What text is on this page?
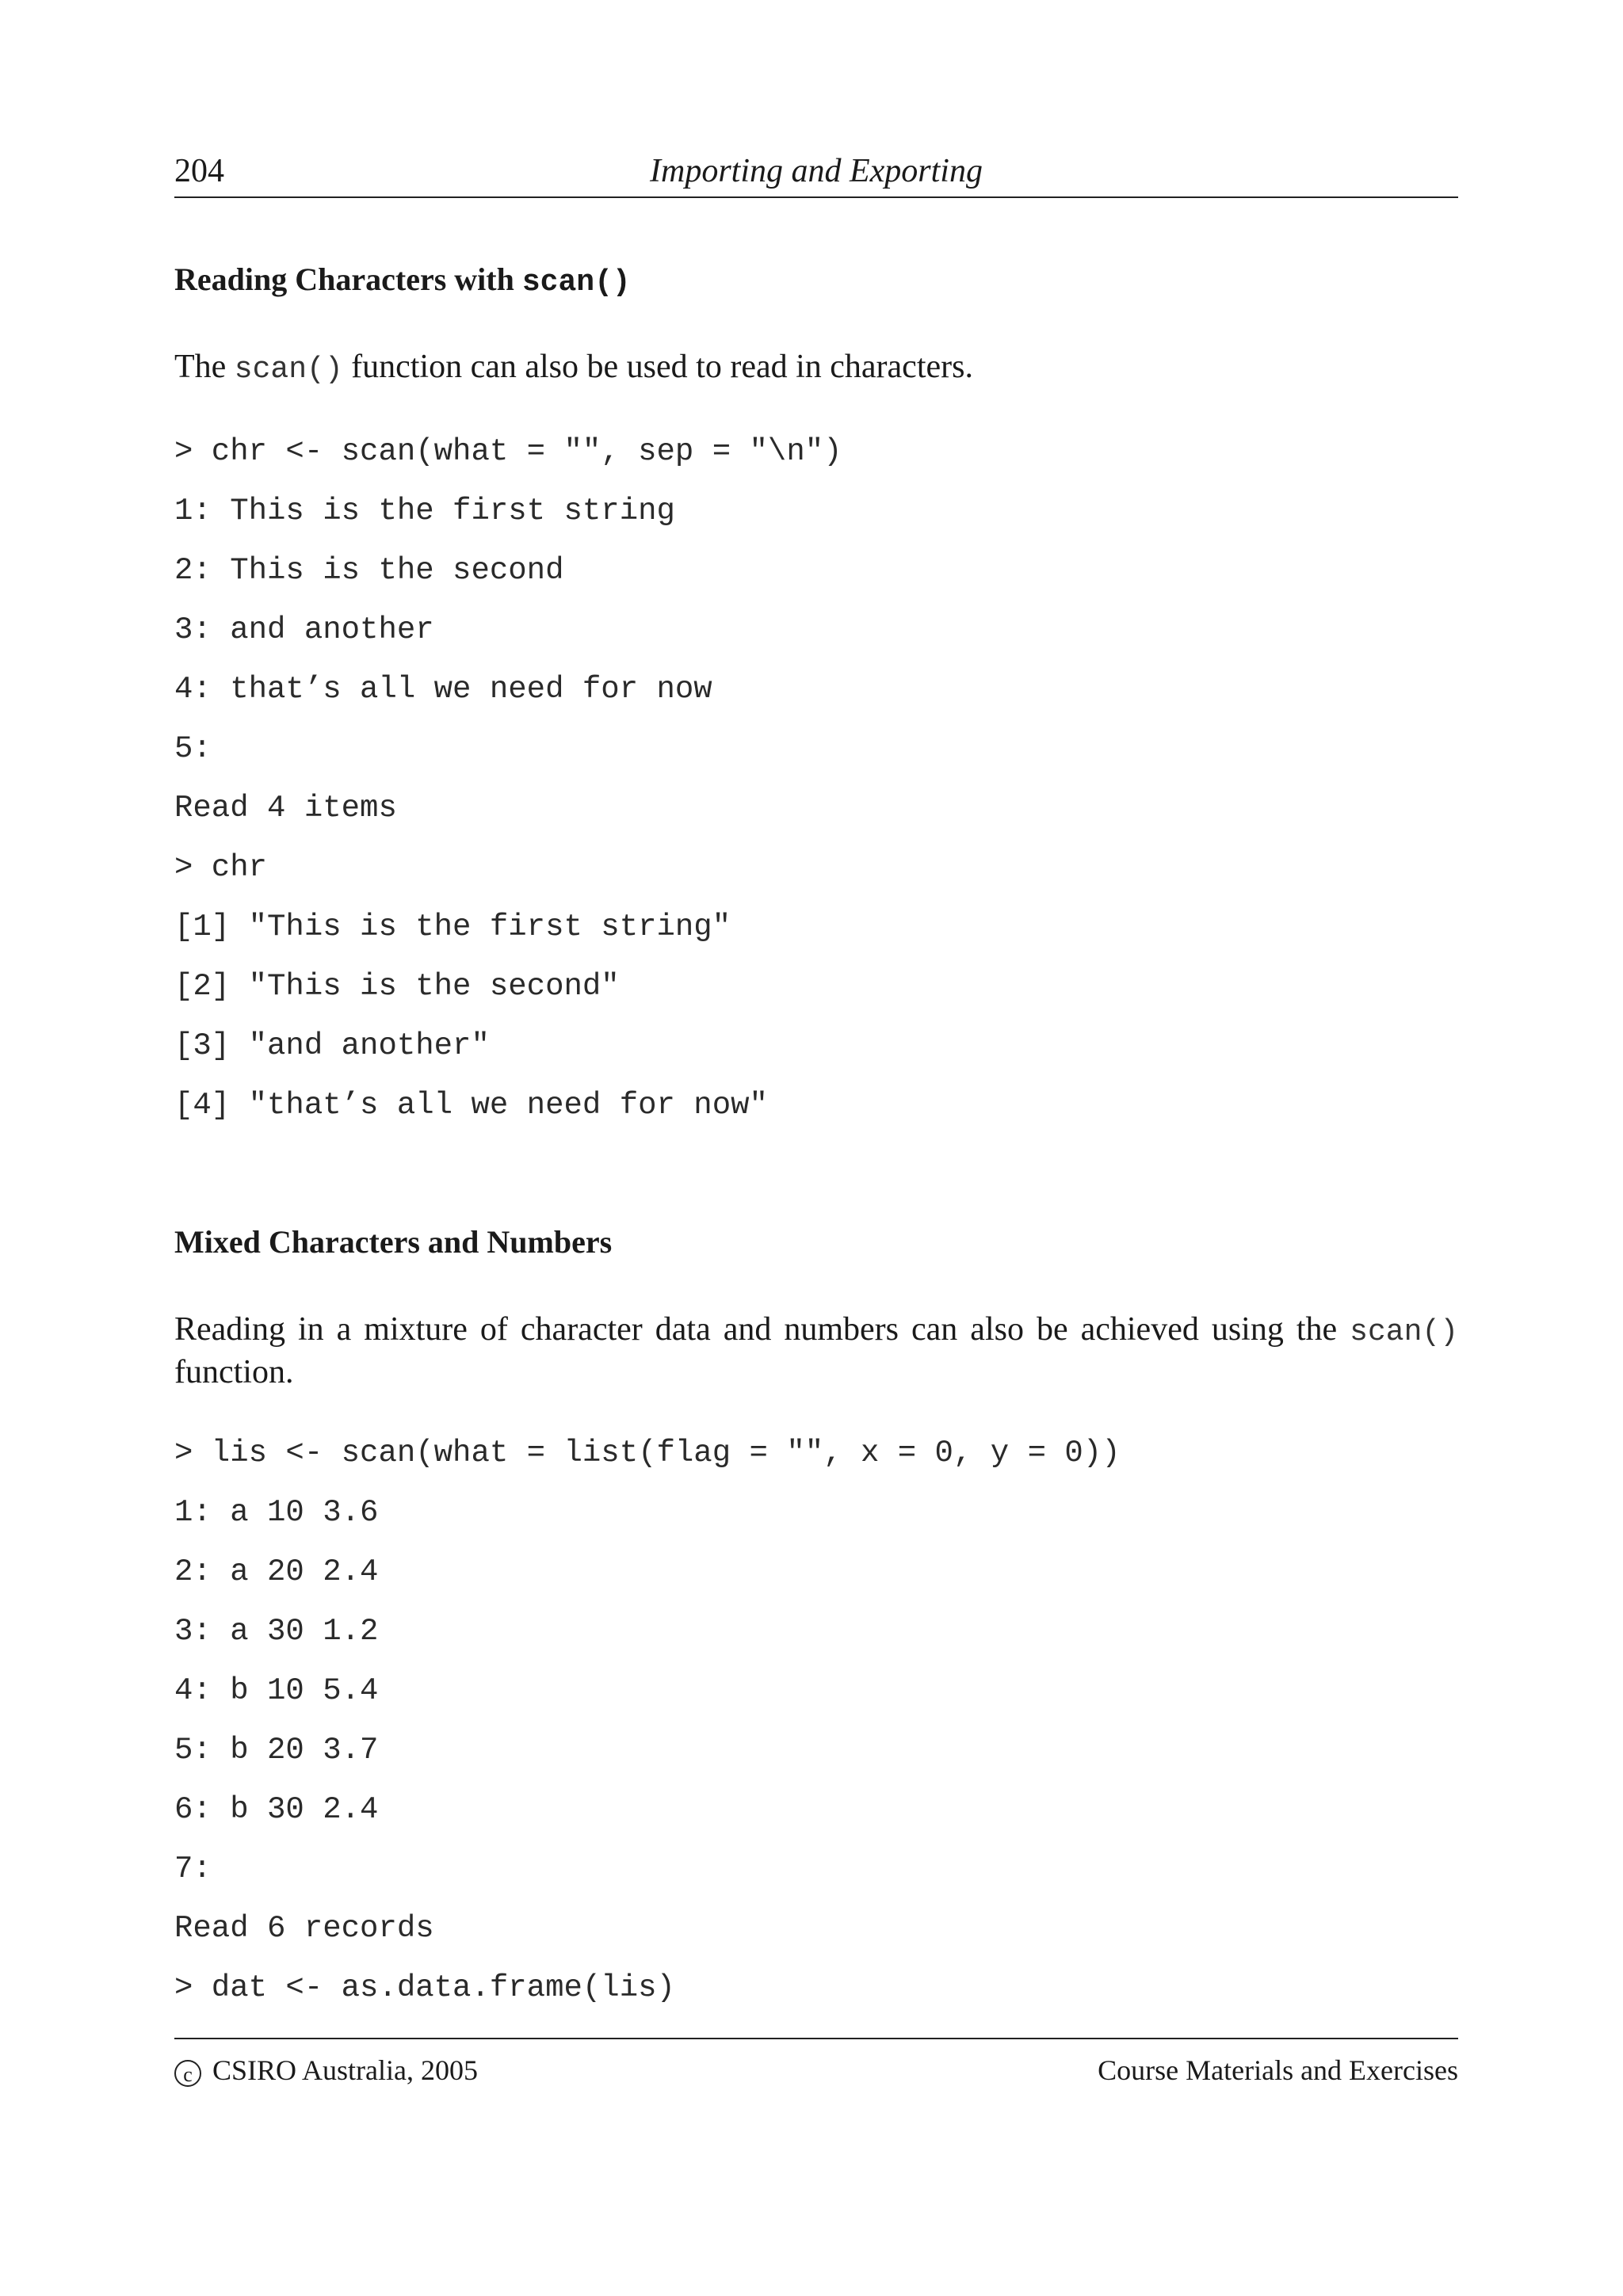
204	Importing and Exporting
Reading Characters with scan()

The scan() function can also be used to read in characters.

> chr <- scan(what = "", sep = "\n")
1: This is the first string
2: This is the second
3: and another
4: that’s all we need for now
5:
Read 4 items
> chr
[1] "This is the first string"
[2] "This is the second"
[3] "and another"
[4] "that’s all we need for now"
Mixed Characters and Numbers

Reading in a mixture of character data and numbers can also be achieved using the scan() function.

> lis <- scan(what = list(flag = "", x = 0, y = 0))
1: a 10 3.6
2: a 20 2.4
3: a 30 1.2
4: b 10 5.4
5: b 20 3.7
6: b 30 2.4
7:
Read 6 records
> dat <- as.data.frame(lis)
c CSIRO Australia, 2005	Course Materials and Exercises
